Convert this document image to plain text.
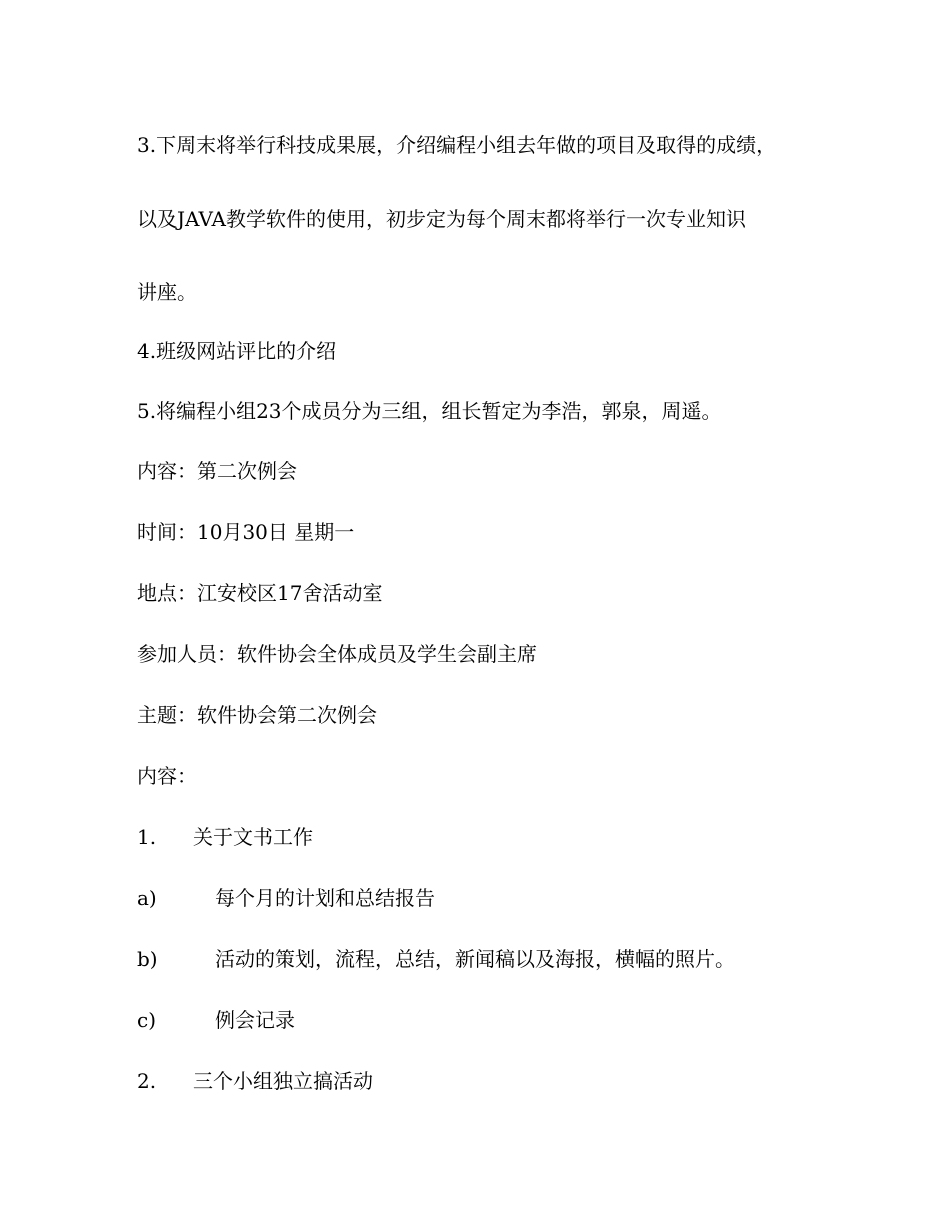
3.下周末将举行科技成果展，介绍编程小组去年做的项目及取得的成绩，

以及JAVA教学软件的使用，初步定为每个周末都将举行一次专业知识

讲座。

4.班级网站评比的介绍

5.将编程小组23个成员分为三组，组长暂定为李浩，郭泉，周遥。

内容：第二次例会

时间：10月30日 星期一

地点：江安校区17舍活动室

参加人员：软件协会全体成员及学生会副主席

主题：软件协会第二次例会

内容：

1. 关于文书工作

a)	每个月的计划和总结报告

b)	活动的策划，流程，总结，新闻稿以及海报，横幅的照片。

c)	例会记录

2. 三个小组独立搞活动
